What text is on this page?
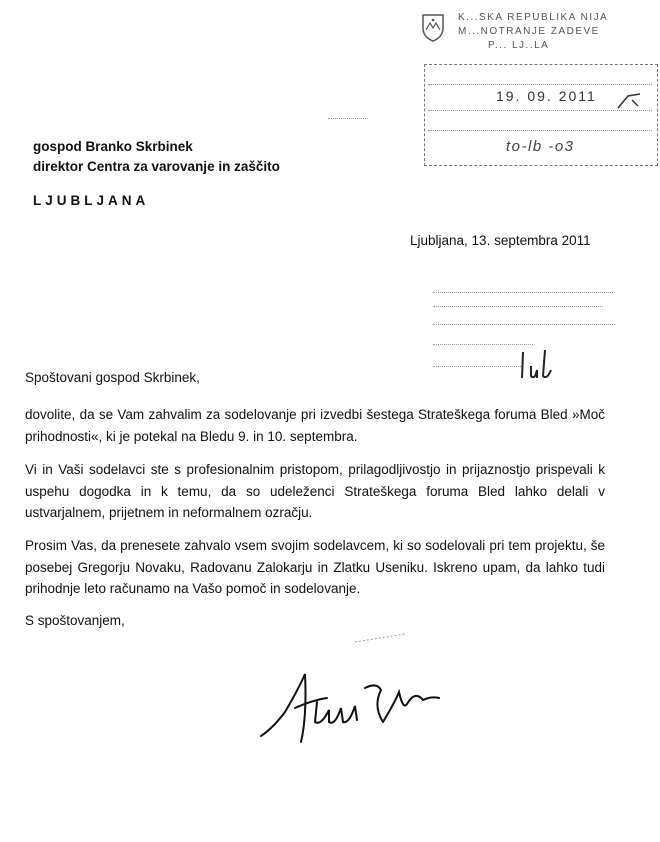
K...SKA REPUBLIKA NIJA
M...NOTRANJE ZADEVE
P... LJ..LA
19. 09. 2011
to-lb -o3
gospod Branko Skrbinek
direktor Centra za varovanje in zaščito
LJUBLJANA
Ljubljana, 13. septembra 2011
Spoštovani gospod Skrbinek,
dovolite, da se Vam zahvalim za sodelovanje pri izvedbi šestega Strateškega foruma Bled »Moč prihodnosti«, ki je potekal na Bledu 9. in 10. septembra.
Vi in Vaši sodelavci ste s profesionalnim pristopom, prilagodljivostjo in prijaznostjo prispevali k uspehu dogodka in k temu, da so udeleženci Strateškega foruma Bled lahko delali v ustvarjalnem, prijetnem in neformalnem ozračju.
Prosim Vas, da prenesete zahvalo vsem svojim sodelavcem, ki so sodelovali pri tem projektu, še posebej Gregorju Novaku, Radovanu Zalokarju in Zlatku Useniku. Iskreno upam, da lahko tudi prihodnje leto računamo na Vašo pomoč in sodelovanje.
S spoštovanjem,
